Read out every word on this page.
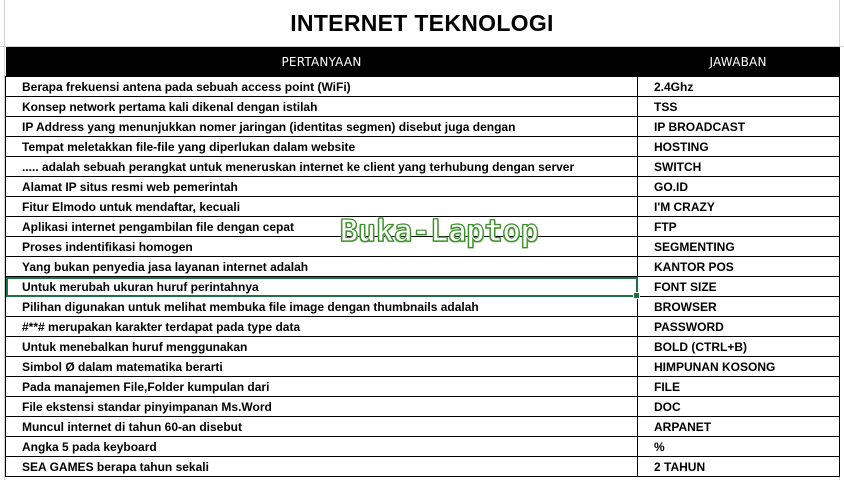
INTERNET TEKNOLOGI
PERTANYAAN	JAWABAN
Berapa frekuensi antena pada sebuah access point (WiFi)	2.4Ghz
Konsep network pertama kali dikenal dengan istilah	TSS
IP Address yang menunjukkan nomer jaringan (identitas segmen) disebut juga dengan	IP BROADCAST
Tempat meletakkan file-file yang diperlukan dalam website	HOSTING
..... adalah sebuah perangkat untuk meneruskan internet ke client yang terhubung dengan server	SWITCH
Alamat IP situs resmi web pemerintah	GO.ID
Fitur Elmodo untuk mendaftar, kecuali	I'M CRAZY
Aplikasi internet pengambilan file dengan cepat	FTP
Proses indentifikasi homogen	SEGMENTING
Yang bukan penyedia jasa layanan internet adalah	KANTOR POS
Untuk merubah ukuran huruf perintahnya	FONT SIZE
Pilihan digunakan untuk melihat membuka file image dengan thumbnails adalah	BROWSER
#**# merupakan karakter terdapat pada type data	PASSWORD
Untuk menebalkan huruf menggunakan	BOLD (CTRL+B)
Simbol Ø dalam matematika berarti	HIMPUNAN KOSONG
Pada manajemen File,Folder kumpulan dari	FILE
File ekstensi standar pinyimpanan Ms.Word	DOC
Muncul internet di tahun 60-an disebut	ARPANET
Angka 5 pada keyboard	%
SEA GAMES berapa tahun sekali	2 TAHUN
Buka-Laptop
